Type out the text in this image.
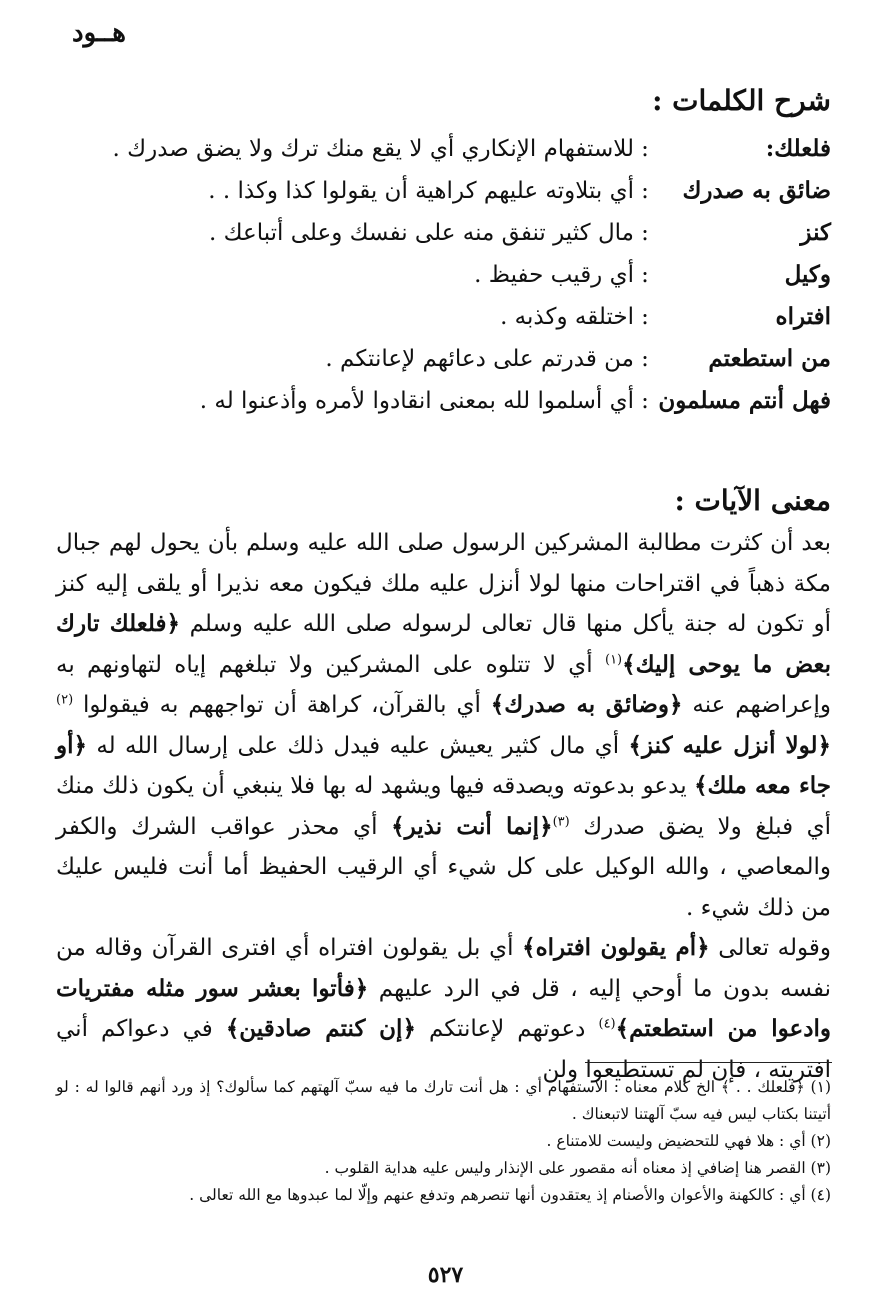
هــود
شرح الكلمات :
فلعلك:
:
للاستفهام الإنكاري أي لا يقع منك ترك ولا يضق صدرك .
ضائق به صدرك
:
أي بتلاوته عليهم كراهية أن يقولوا كذا وكذا . .
كنز
:
مال كثير تنفق منه على نفسك وعلى أتباعك .
وكيل
:
أي رقيب حفيظ .
افتراه
:
اختلقه وكذبه .
من استطعتم
:
من قدرتم على دعائهم لإعانتكم .
فهل أنتم مسلمون
:
أي أسلموا لله بمعنى انقادوا لأمره وأذعنوا له .
معنى الآيات :

بعد أن كثرت مطالبة المشركين الرسول صلى الله عليه وسلم بأن يحول لهم جبال مكة ذهباً في اقتراحات منها لولا أنزل عليه ملك فيكون معه نذيرا أو يلقى إليه كنز أو تكون له جنة يأكل منها قال تعالى لرسوله صلى الله عليه وسلم ﴿فلعلك تارك بعض ما يوحى إليك﴾$^{(١)}$ أي لا تتلوه على المشركين ولا تبلغهم إياه لتهاونهم به وإعراضهم عنه ﴿وضائق به صدرك﴾ أي بالقرآن، كراهة أن تواجههم به فيقولوا $^{(٢)}$﴿لولا أنزل عليه كنز﴾ أي مال كثير يعيش عليه فيدل ذلك على إرسال الله له ﴿أو جاء معه ملك﴾ يدعو بدعوته ويصدقه فيها ويشهد له بها فلا ينبغي أن يكون ذلك منك أي فبلغ ولا يضق صدرك $^{(٣)}$﴿إنما أنت نذير﴾ أي محذر عواقب الشرك والكفر والمعاصي ، والله الوكيل على كل شيء أي الرقيب الحفيظ أما أنت فليس عليك من ذلك شيء .

وقوله تعالى ﴿أم يقولون افتراه﴾ أي بل يقولون افتراه أي افترى القرآن وقاله من نفسه بدون ما أوحي إليه ، قل في الرد عليهم ﴿فأتوا بعشر سور مثله مفتريات وادعوا من استطعتم﴾$^{(٤)}$ دعوتهم لإعانتكم ﴿إن كنتم صادقين﴾ في دعواكم أني افتريته ، فإن لم تستطيعوا ولن

(١) ﴿فلعلك . . ﴾ الخ كلام معناه : الاستفهام أي : هل أنت تارك ما فيه سبّ آلهتهم كما سألوك؟ إذ ورد أنهم قالوا له : لو أتيتنا بكتاب ليس فيه سبّ آلهتنا لاتبعناك .

(٢) أي : هلا فهي للتحضيض وليست للامتناع .

(٣) القصر هنا إضافي إذ معناه أنه مقصور على الإنذار وليس عليه هداية القلوب .

(٤) أي : كالكهنة والأعوان والأصنام إذ يعتقدون أنها تنصرهم وتدفع عنهم وإلّا لما عبدوها مع الله تعالى .

٥٢٧
